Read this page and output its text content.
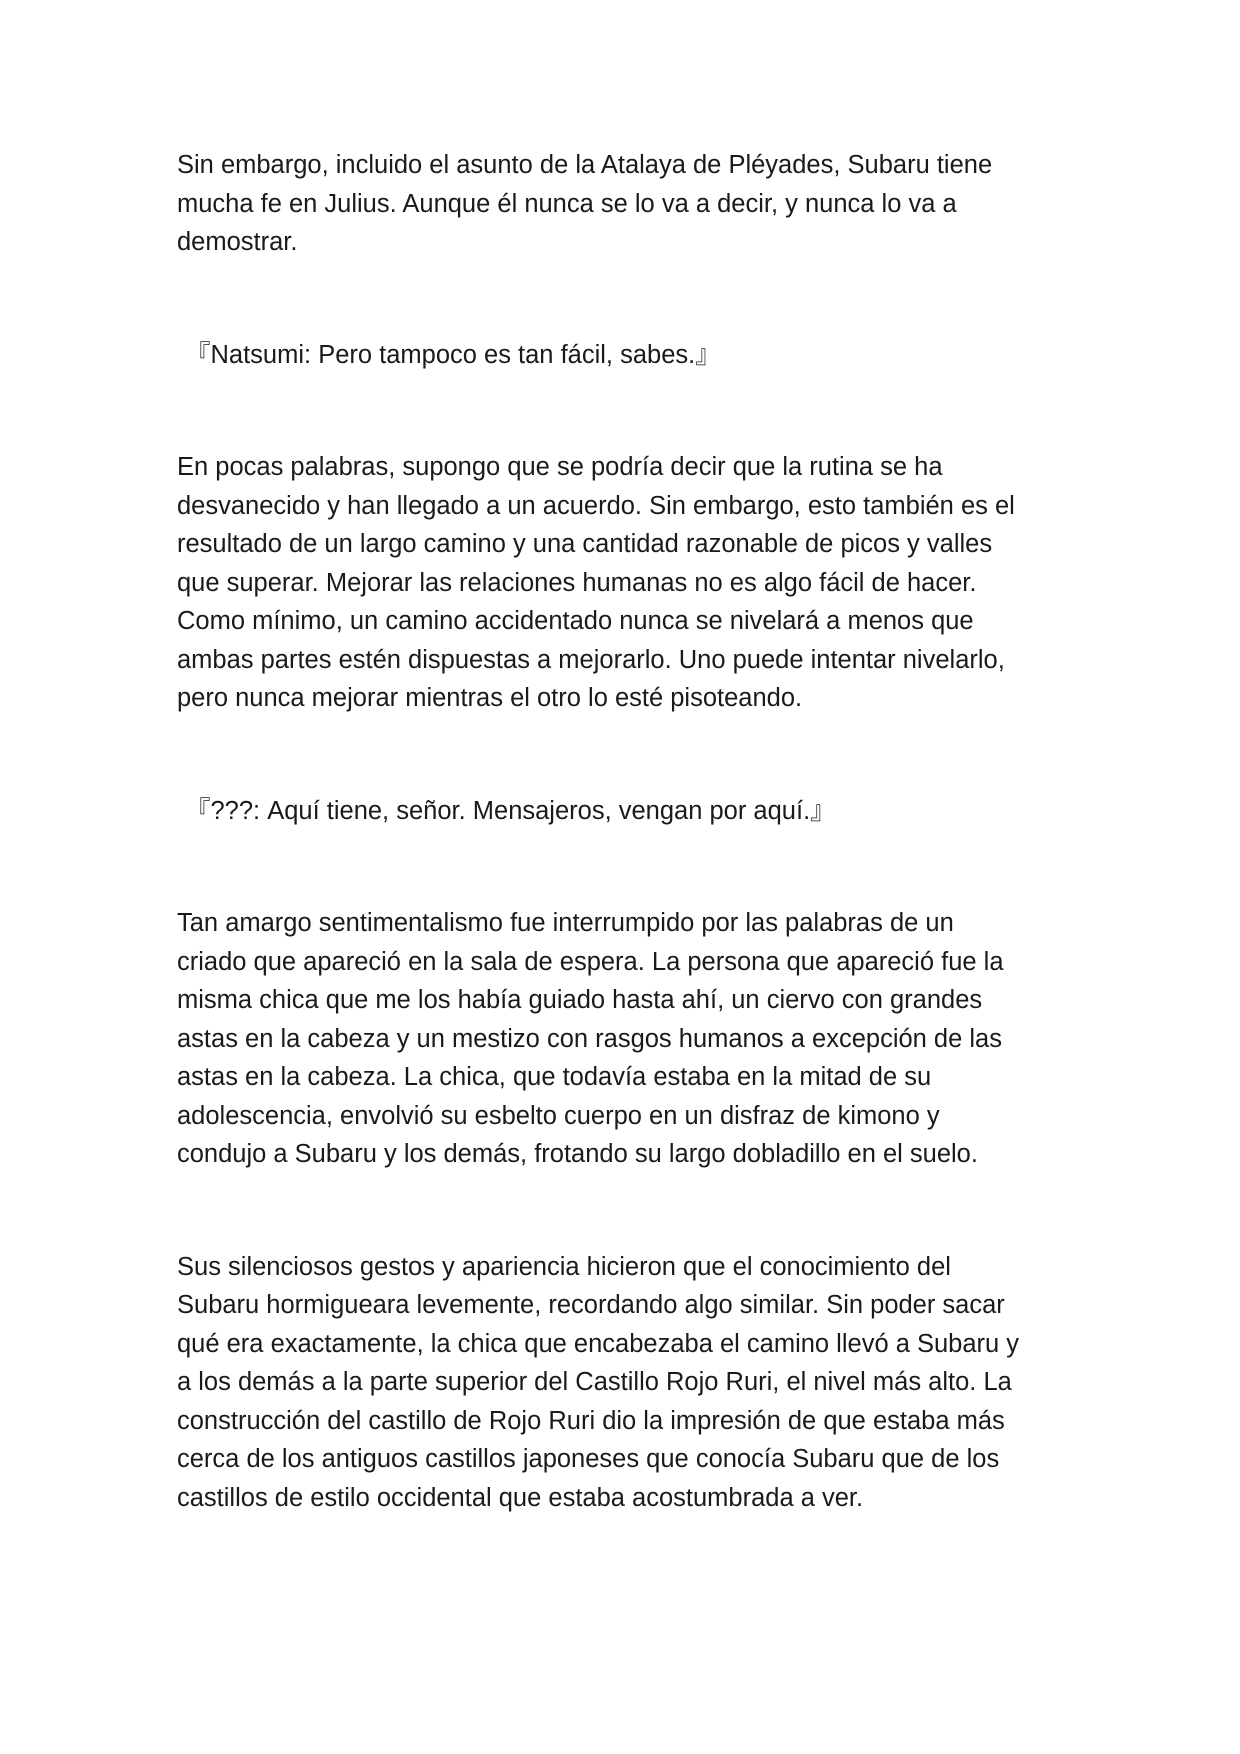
Sin embargo, incluido el asunto de la Atalaya de Pléyades, Subaru tiene
mucha fe en Julius. Aunque él nunca se lo va a decir, y nunca lo va a
demostrar.

『Natsumi: Pero tampoco es tan fácil, sabes.』

En pocas palabras, supongo que se podría decir que la rutina se ha
desvanecido y han llegado a un acuerdo. Sin embargo, esto también es el
resultado de un largo camino y una cantidad razonable de picos y valles
que superar. Mejorar las relaciones humanas no es algo fácil de hacer.
Como mínimo, un camino accidentado nunca se nivelará a menos que
ambas partes estén dispuestas a mejorarlo. Uno puede intentar nivelarlo,
pero nunca mejorar mientras el otro lo esté pisoteando.

『???: Aquí tiene, señor. Mensajeros, vengan por aquí.』

Tan amargo sentimentalismo fue interrumpido por las palabras de un
criado que apareció en la sala de espera. La persona que apareció fue la
misma chica que me los había guiado hasta ahí, un ciervo con grandes
astas en la cabeza y un mestizo con rasgos humanos a excepción de las
astas en la cabeza. La chica, que todavía estaba en la mitad de su
adolescencia, envolvió su esbelto cuerpo en un disfraz de kimono y
condujo a Subaru y los demás, frotando su largo dobladillo en el suelo.

Sus silenciosos gestos y apariencia hicieron que el conocimiento del
Subaru hormigueara levemente, recordando algo similar. Sin poder sacar
qué era exactamente, la chica que encabezaba el camino llevó a Subaru y
a los demás a la parte superior del Castillo Rojo Ruri, el nivel más alto. La
construcción del castillo de Rojo Ruri dio la impresión de que estaba más
cerca de los antiguos castillos japoneses que conocía Subaru que de los
castillos de estilo occidental que estaba acostumbrada a ver.
